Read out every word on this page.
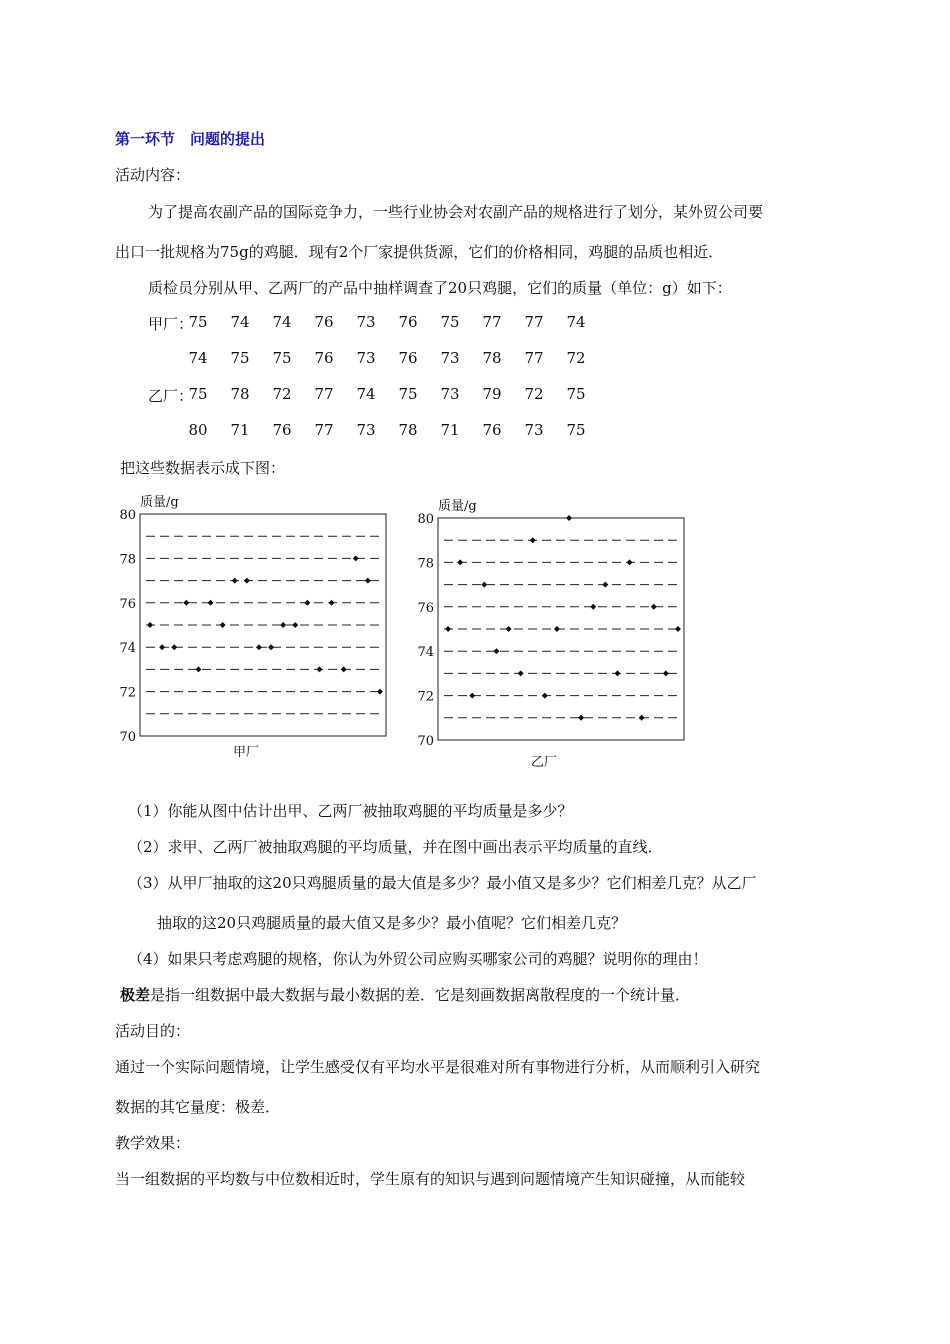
第一环节　问题的提出
活动内容：
为了提高农副产品的国际竞争力，一些行业协会对农副产品的规格进行了划分，某外贸公司要
出口一批规格为75g的鸡腿．现有2个厂家提供货源，它们的价格相同，鸡腿的品质也相近．
质检员分别从甲、乙两厂的产品中抽样调查了20只鸡腿，它们的质量（单位：g）如下：
甲厂：
75	74	74	76	73	76	75	77	77	74
74	75	75	76	73	76	73	78	77	72
乙厂：
75	78	72	77	74	75	73	79	72	75
80	71	76	77	73	78	71	76	73	75
把这些数据表示成下图：
质量/g
70
72
74
76
78
80
甲厂
质量/g
70
72
74
76
78
80
乙厂
（1）你能从图中估计出甲、乙两厂被抽取鸡腿的平均质量是多少？
（2）求甲、乙两厂被抽取鸡腿的平均质量，并在图中画出表示平均质量的直线．
（3）从甲厂抽取的这20只鸡腿质量的最大值是多少？最小值又是多少？它们相差几克？从乙厂
抽取的这20只鸡腿质量的最大值又是多少？最小值呢？它们相差几克？
（4）如果只考虑鸡腿的规格，你认为外贸公司应购买哪家公司的鸡腿？说明你的理由！
极差是指一组数据中最大数据与最小数据的差．它是刻画数据离散程度的一个统计量．
活动目的：
通过一个实际问题情境，让学生感受仅有平均水平是很难对所有事物进行分析，从而顺利引入研究
数据的其它量度：极差．
教学效果：
当一组数据的平均数与中位数相近时，学生原有的知识与遇到问题情境产生知识碰撞，从而能较
